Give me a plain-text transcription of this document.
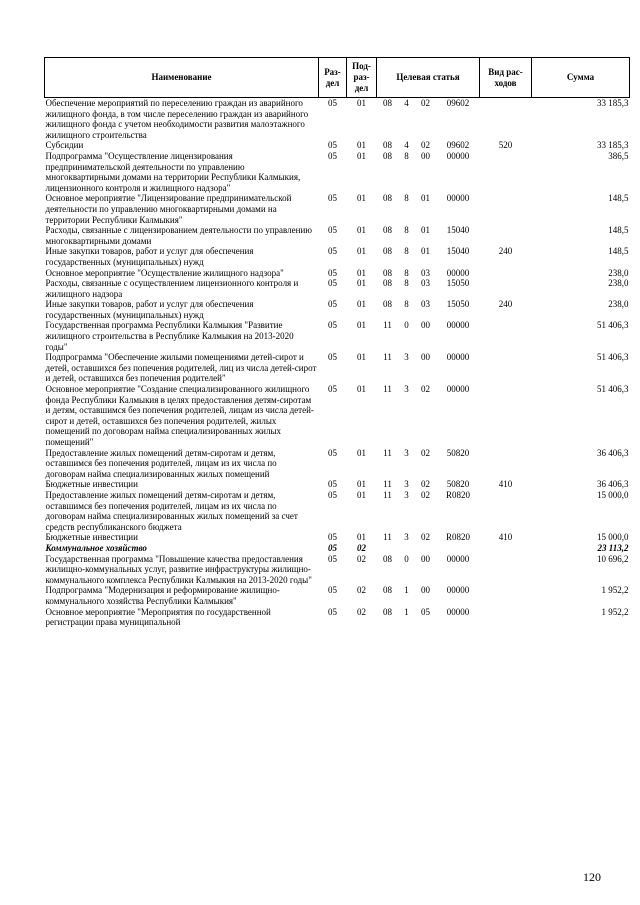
Наименование	Раз-дел	Под-раз-дел	Целевая статья				Вид рас-ходов	Сумма
Обеспечение мероприятий по переселению граждан из аварийного жилищного фонда, в том числе переселению граждан из аварийного жилищного фонда с учетом необходимости развития малоэтажного жилищного строительства	05	01	08	4	02	09602		33 185,3
Субсидии	05	01	08	4	02	09602	520	33 185,3
Подпрограмма "Осуществление лицензирования предпринимательской деятельности по управлению многоквартирными домами на территории Республики Калмыкия, лицензионного контроля и жилищного надзора"	05	01	08	8	00	00000		386,5
Основное мероприятие "Лицензирование предпринимательской деятельности по управлению многоквартирными домами на территории Республики Калмыкия"	05	01	08	8	01	00000		148,5
Расходы, связанные с лицензированием деятельности по управлению многоквартирными домами	05	01	08	8	01	15040		148,5
Иные закупки товаров, работ и услуг для обеспечения государственных (муниципальных) нужд	05	01	08	8	01	15040	240	148,5
Основное мероприятие "Осуществление жилищного надзора"	05	01	08	8	03	00000		238,0
Расходы, связанные с осуществлением лицензионного контроля и жилищного надзора	05	01	08	8	03	15050		238,0
Иные закупки товаров, работ и услуг для обеспечения государственных (муниципальных) нужд	05	01	08	8	03	15050	240	238,0
Государственная программа Республики Калмыкия "Развитие жилищного строительства в Республике Калмыкия на 2013-2020 годы"	05	01	11	0	00	00000		51 406,3
Подпрограмма "Обеспечение жилыми помещениями детей-сирот и детей, оставшихся без попечения родителей, лиц из числа детей-сирот и детей, оставшихся без попечения родителей"	05	01	11	3	00	00000		51 406,3
Основное мероприятие "Создание специализированного жилищного фонда Республики Калмыкия в целях предоставления детям-сиротам и детям, оставшимся без попечения родителей, лицам из числа детей-сирот и детей, оставшихся без попечения родителей, жилых помещений по договорам найма специализированных жилых помещений"	05	01	11	3	02	00000		51 406,3
Предоставление жилых помещений детям-сиротам и детям, оставшимся без попечения родителей, лицам из их числа по договорам найма специализированных жилых помещений	05	01	11	3	02	50820		36 406,3
Бюджетные инвестиции	05	01	11	3	02	50820	410	36 406,3
Предоставление жилых помещений детям-сиротам и детям, оставшимся без попечения родителей, лицам из их числа по договорам найма специализированных жилых помещений за счет средств республиканского бюджета	05	01	11	3	02	R0820		15 000,0
Бюджетные инвестиции	05	01	11	3	02	R0820	410	15 000,0
Коммунальное хозяйство	05	02						23 113,2
Государственная программа "Повышение качества предоставления жилищно-коммунальных услуг, развитие инфраструктуры жилищно-коммунального комплекса Республики Калмыкия на 2013-2020 годы"	05	02	08	0	00	00000		10 696,2
Подпрограмма "Модернизация и реформирование жилищно-коммунального хозяйства Республики Калмыкия"	05	02	08	1	00	00000		1 952,2
Основное мероприятие "Мероприятия по государственной регистрации права муниципальной	05	02	08	1	05	00000		1 952,2
120
